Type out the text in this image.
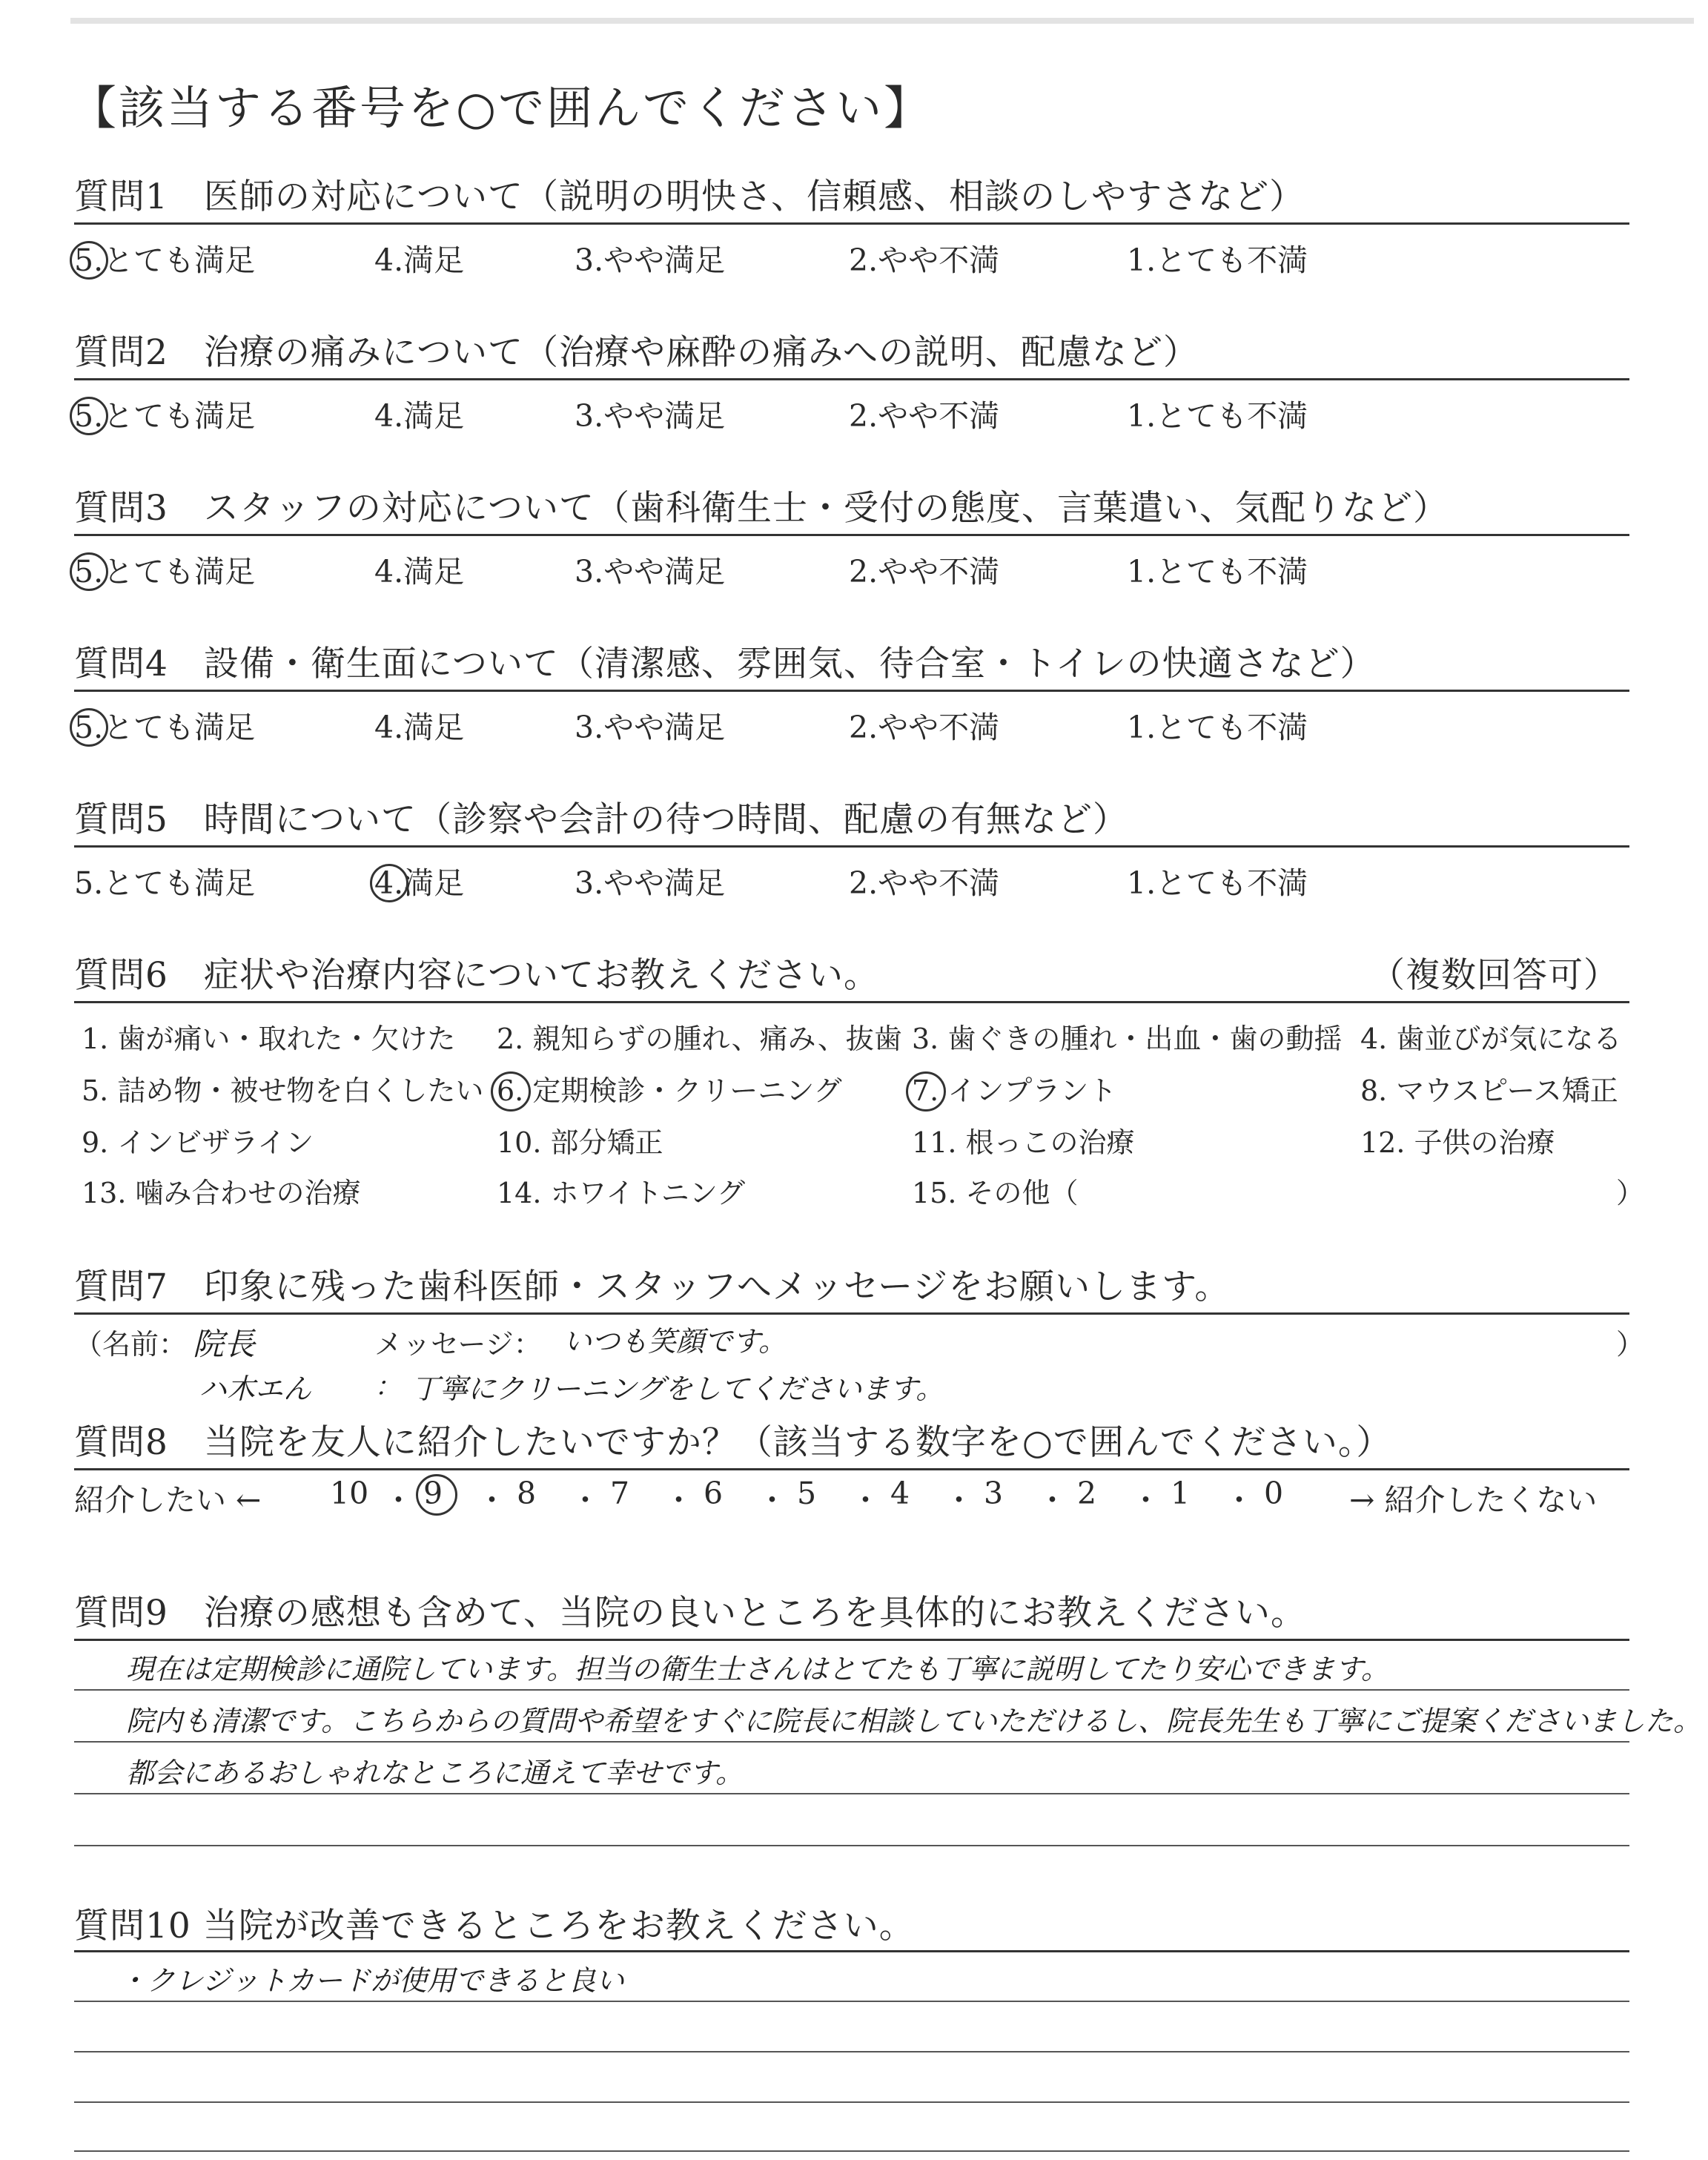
【該当する番号を○で囲んでください】
質問1　医師の対応について（説明の明快さ、信頼感、相談のしやすさなど）
5.とても満足	4.満足	3.やや満足	2.やや不満	1.とても不満
質問2　治療の痛みについて（治療や麻酔の痛みへの説明、配慮など）
5.とても満足	4.満足	3.やや満足	2.やや不満	1.とても不満
質問3　スタッフの対応について（歯科衛生士・受付の態度、言葉遣い、気配りなど）
5.とても満足	4.満足	3.やや満足	2.やや不満	1.とても不満
質問4　設備・衛生面について（清潔感、雰囲気、待合室・トイレの快適さなど）
5.とても満足	4.満足	3.やや満足	2.やや不満	1.とても不満
質問5　時間について（診察や会計の待つ時間、配慮の有無など）
5.とても満足	4.満足	3.やや満足	2.やや不満	1.とても不満
質問6　症状や治療内容についてお教えください。	（複数回答可）
1. 歯が痛い・取れた・欠けた 2. 親知らずの腫れ、痛み、抜歯 3. 歯ぐきの腫れ・出血・歯の動揺 4. 歯並びが気になる
5. 詰め物・被せ物を白くしたい 6. 定期検診・クリーニング 7. インプラント	8. マウスピース矯正
9. インビザライン	10. 部分矯正	11. 根っこの治療	12. 子供の治療
13. 噛み合わせの治療	14. ホワイトニング	15. その他（	）
質問7　印象に残った歯科医師・スタッフへメッセージをお願いします。
（名前： 院長	メッセージ： いつも笑顔です。	）
ハ木エん ： 丁寧にクリーニングをしてくださいます。
質問8　当院を友人に紹介したいですか？（該当する数字を○で囲んでください。）
紹介したい ← 10 ・ 9 ・ 8 ・ 7 ・ 6 ・ 5 ・ 4 ・ 3 ・ 2 ・ 1 ・ 0 → 紹介したくない
質問9　治療の感想も含めて、当院の良いところを具体的にお教えください。
現在は定期検診に通院しています。担当の衛生士さんはとてたも丁寧に説明してたり安心できます。
院内も清潔です。こちらからの質問や希望をすぐに院長に相談していただけるし、院長先生も丁寧にご提案くださいました。
都会にあるおしゃれなところに通えて幸せです。
質問10 当院が改善できるところをお教えください。
・クレジットカードが使用できると良い
